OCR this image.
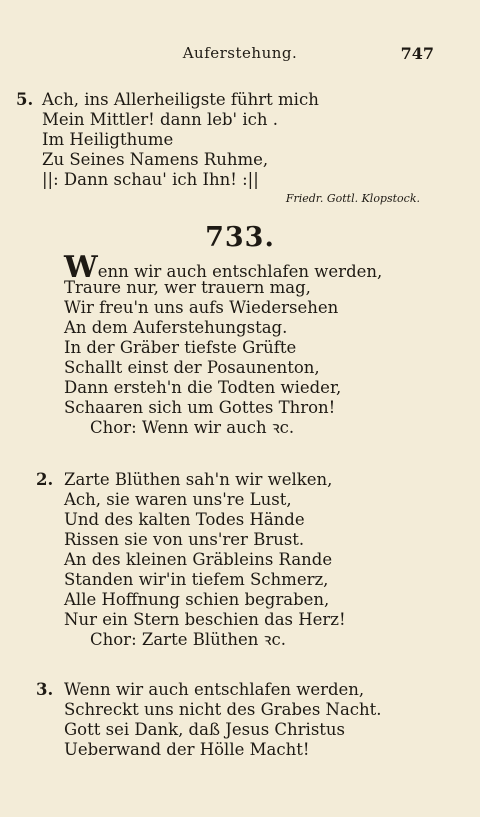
Auferstehung.	747
5. Ach, ins Allerheiligste führt mich
Mein Mittler! dann leb' ich .
Im Heiligthume
Zu Seines Namens Ruhme,
||: Dann schau' ich Ihn! :||
Friedr. Gottl. Klopstock.
733.
Wenn wir auch entschlafen werden,
Traure nur, wer trauern mag,
Wir freu'n uns aufs Wiedersehen
An dem Auferstehungstag.
In der Gräber tiefste Grüfte
Schallt einst der Posaunenton,
Dann ersteh'n die Todten wieder,
Schaaren sich um Gottes Thron!
Chor: Wenn wir auch ꝛc.
2. Zarte Blüthen sah'n wir welken,
Ach, sie waren uns're Lust,
Und des kalten Todes Hände
Rissen sie von uns'rer Brust.
An des kleinen Gräbleins Rande
Standen wir'in tiefem Schmerz,
Alle Hoffnung schien begraben,
Nur ein Stern beschien das Herz!
Chor: Zarte Blüthen ꝛc.
3. Wenn wir auch entschlafen werden,
Schreckt uns nicht des Grabes Nacht.
Gott sei Dank, daß Jesus Christus
Ueberwand der Hölle Macht!
